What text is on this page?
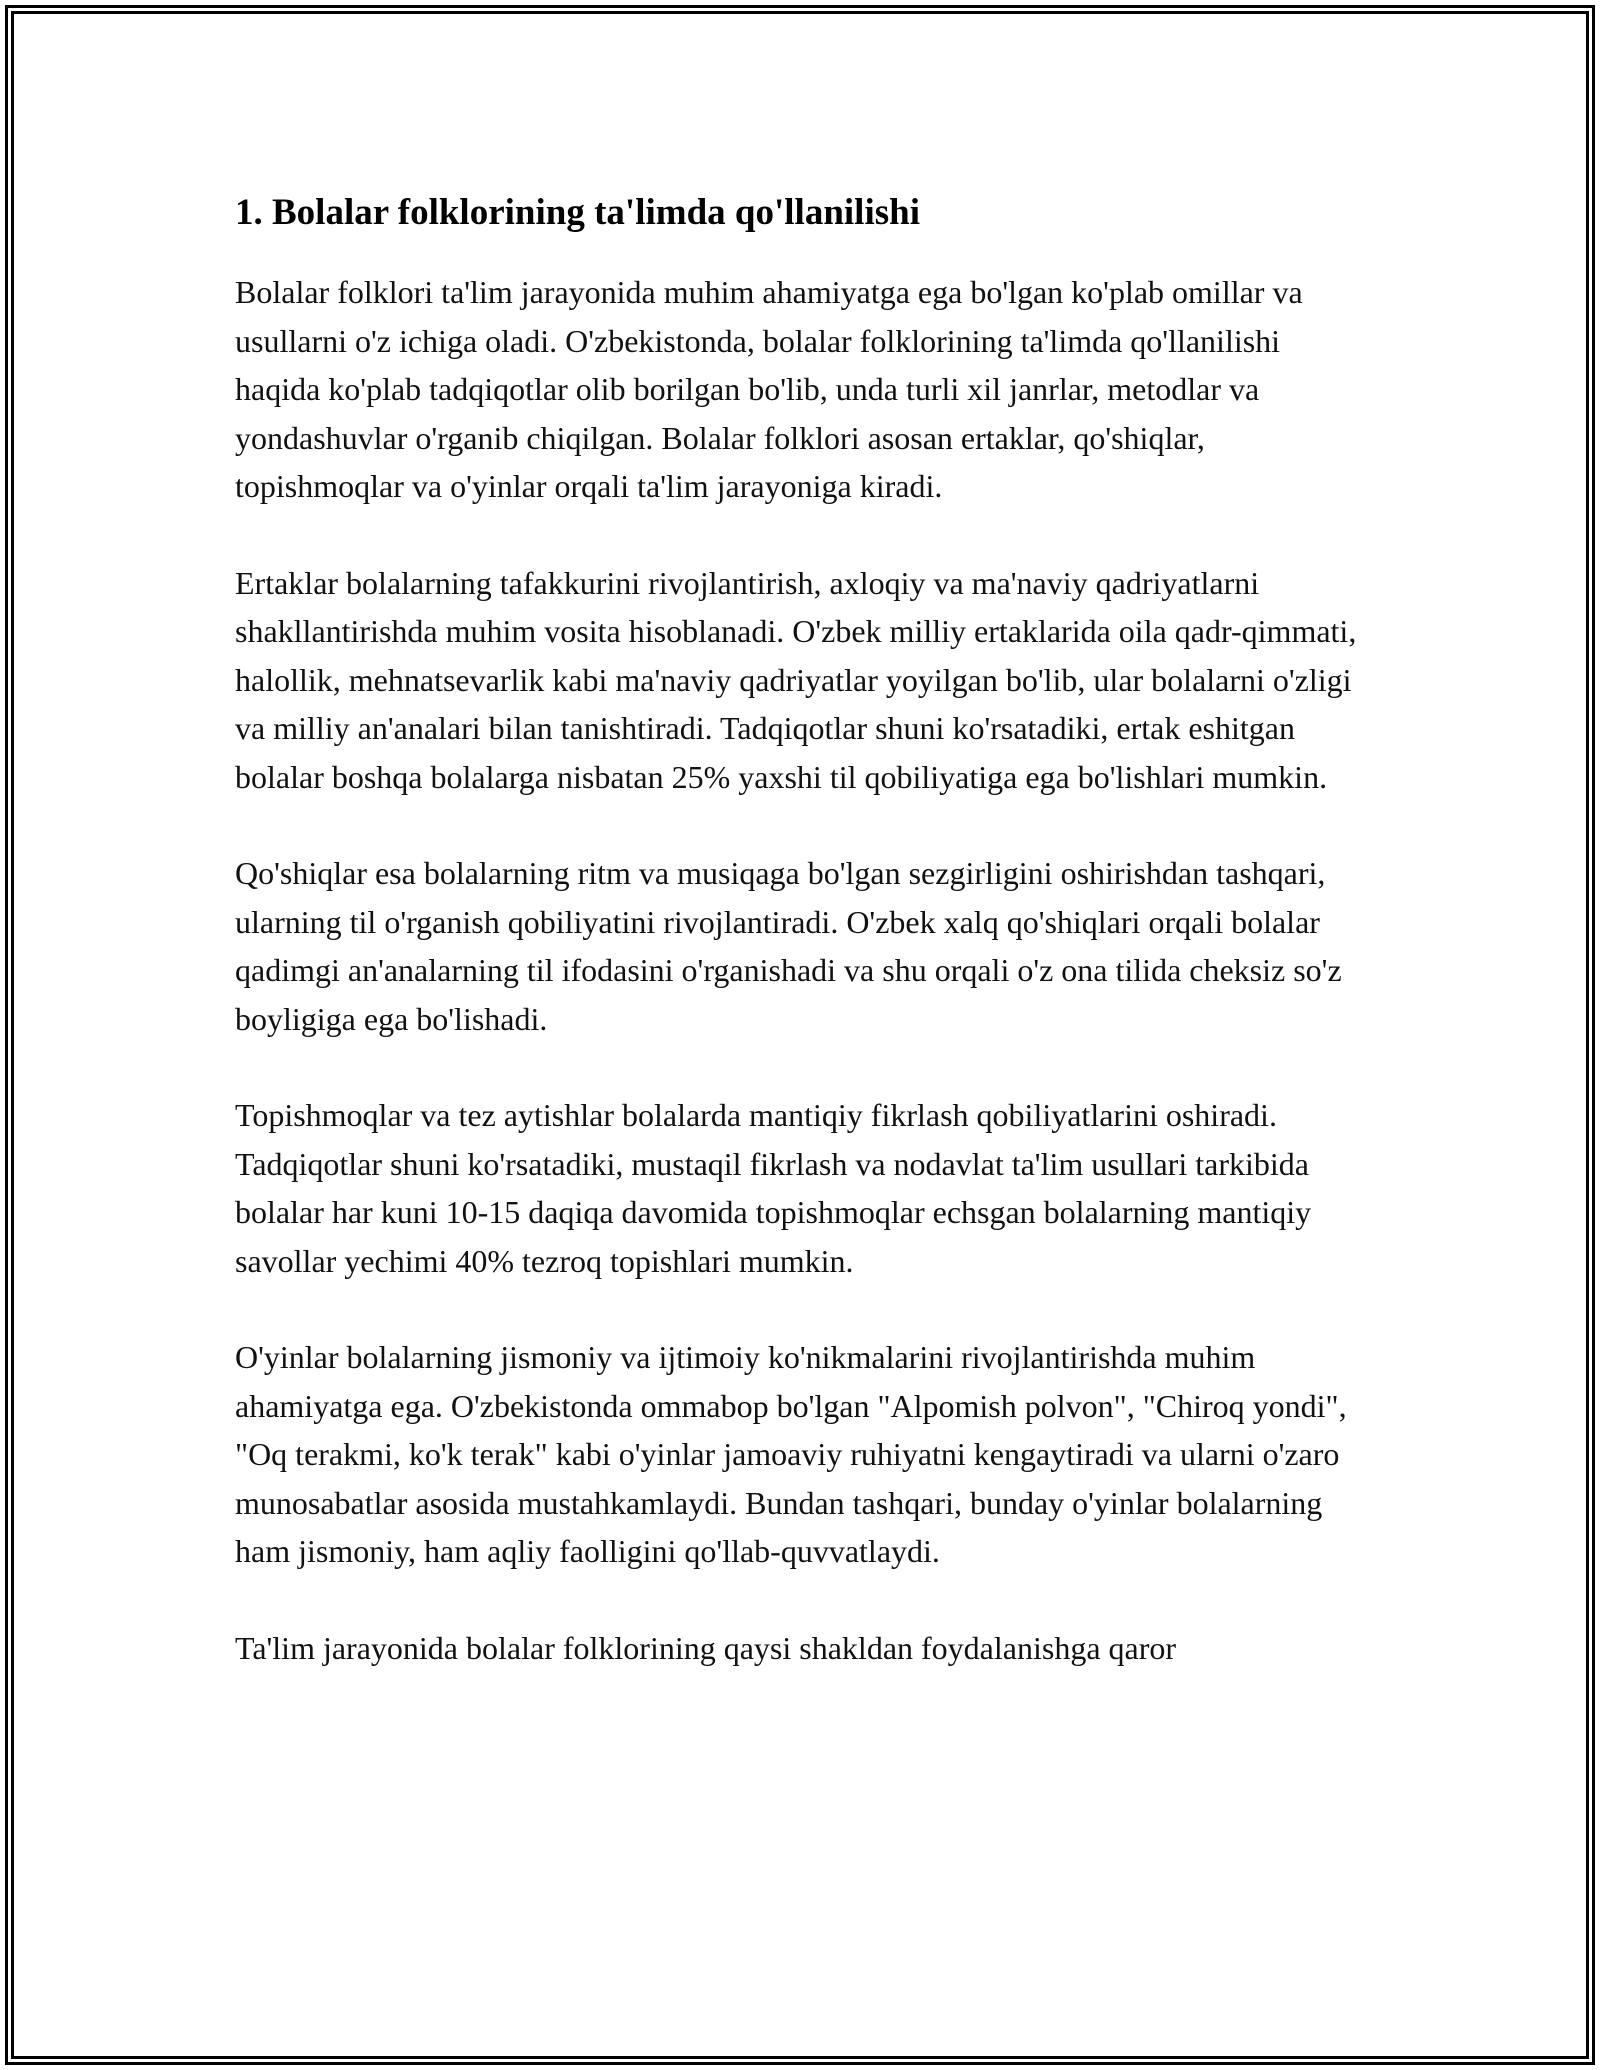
1. Bolalar folklorining ta'limda qo'llanilishi

Bolalar folklori ta'lim jarayonida muhim ahamiyatga ega bo'lgan ko'plab omillar va usullarni o'z ichiga oladi. O'zbekistonda, bolalar folklorining ta'limda qo'llanilishi haqida ko'plab tadqiqotlar olib borilgan bo'lib, unda turli xil janrlar, metodlar va yondashuvlar o'rganib chiqilgan. Bolalar folklori asosan ertaklar, qo'shiqlar, topishmoqlar va o'yinlar orqali ta'lim jarayoniga kiradi.

Ertaklar bolalarning tafakkurini rivojlantirish, axloqiy va ma'naviy qadriyatlarni shakllantirishda muhim vosita hisoblanadi. O'zbek milliy ertaklarida oila qadr-qimmati, halollik, mehnatsevarlik kabi ma'naviy qadriyatlar yoyilgan bo'lib, ular bolalarni o'zligi va milliy an'analari bilan tanishtiradi. Tadqiqotlar shuni ko'rsatadiki, ertak eshitgan bolalar boshqa bolalarga nisbatan 25% yaxshi til qobiliyatiga ega bo'lishlari mumkin.

Qo'shiqlar esa bolalarning ritm va musiqaga bo'lgan sezgirligini oshirishdan tashqari, ularning til o'rganish qobiliyatini rivojlantiradi. O'zbek xalq qo'shiqlari orqali bolalar qadimgi an'analarning til ifodasini o'rganishadi va shu orqali o'z ona tilida cheksiz so'z boyligiga ega bo'lishadi.

Topishmoqlar va tez aytishlar bolalarda mantiqiy fikrlash qobiliyatlarini oshiradi. Tadqiqotlar shuni ko'rsatadiki, mustaqil fikrlash va nodavlat ta'lim usullari tarkibida bolalar har kuni 10-15 daqiqa davomida topishmoqlar echsgan bolalarning mantiqiy savollar yechimi 40% tezroq topishlari mumkin.

O'yinlar bolalarning jismoniy va ijtimoiy ko'nikmalarini rivojlantirishda muhim ahamiyatga ega. O'zbekistonda ommabop bo'lgan "Alpomish polvon", "Chiroq yondi", "Oq terakmi, ko'k terak" kabi o'yinlar jamoaviy ruhiyatni kengaytiradi va ularni o'zaro munosabatlar asosida mustahkamlaydi. Bundan tashqari, bunday o'yinlar bolalarning ham jismoniy, ham aqliy faolligini qo'llab-quvvatlaydi.

Ta'lim jarayonida bolalar folklorining qaysi shakldan foydalanishga qaror
